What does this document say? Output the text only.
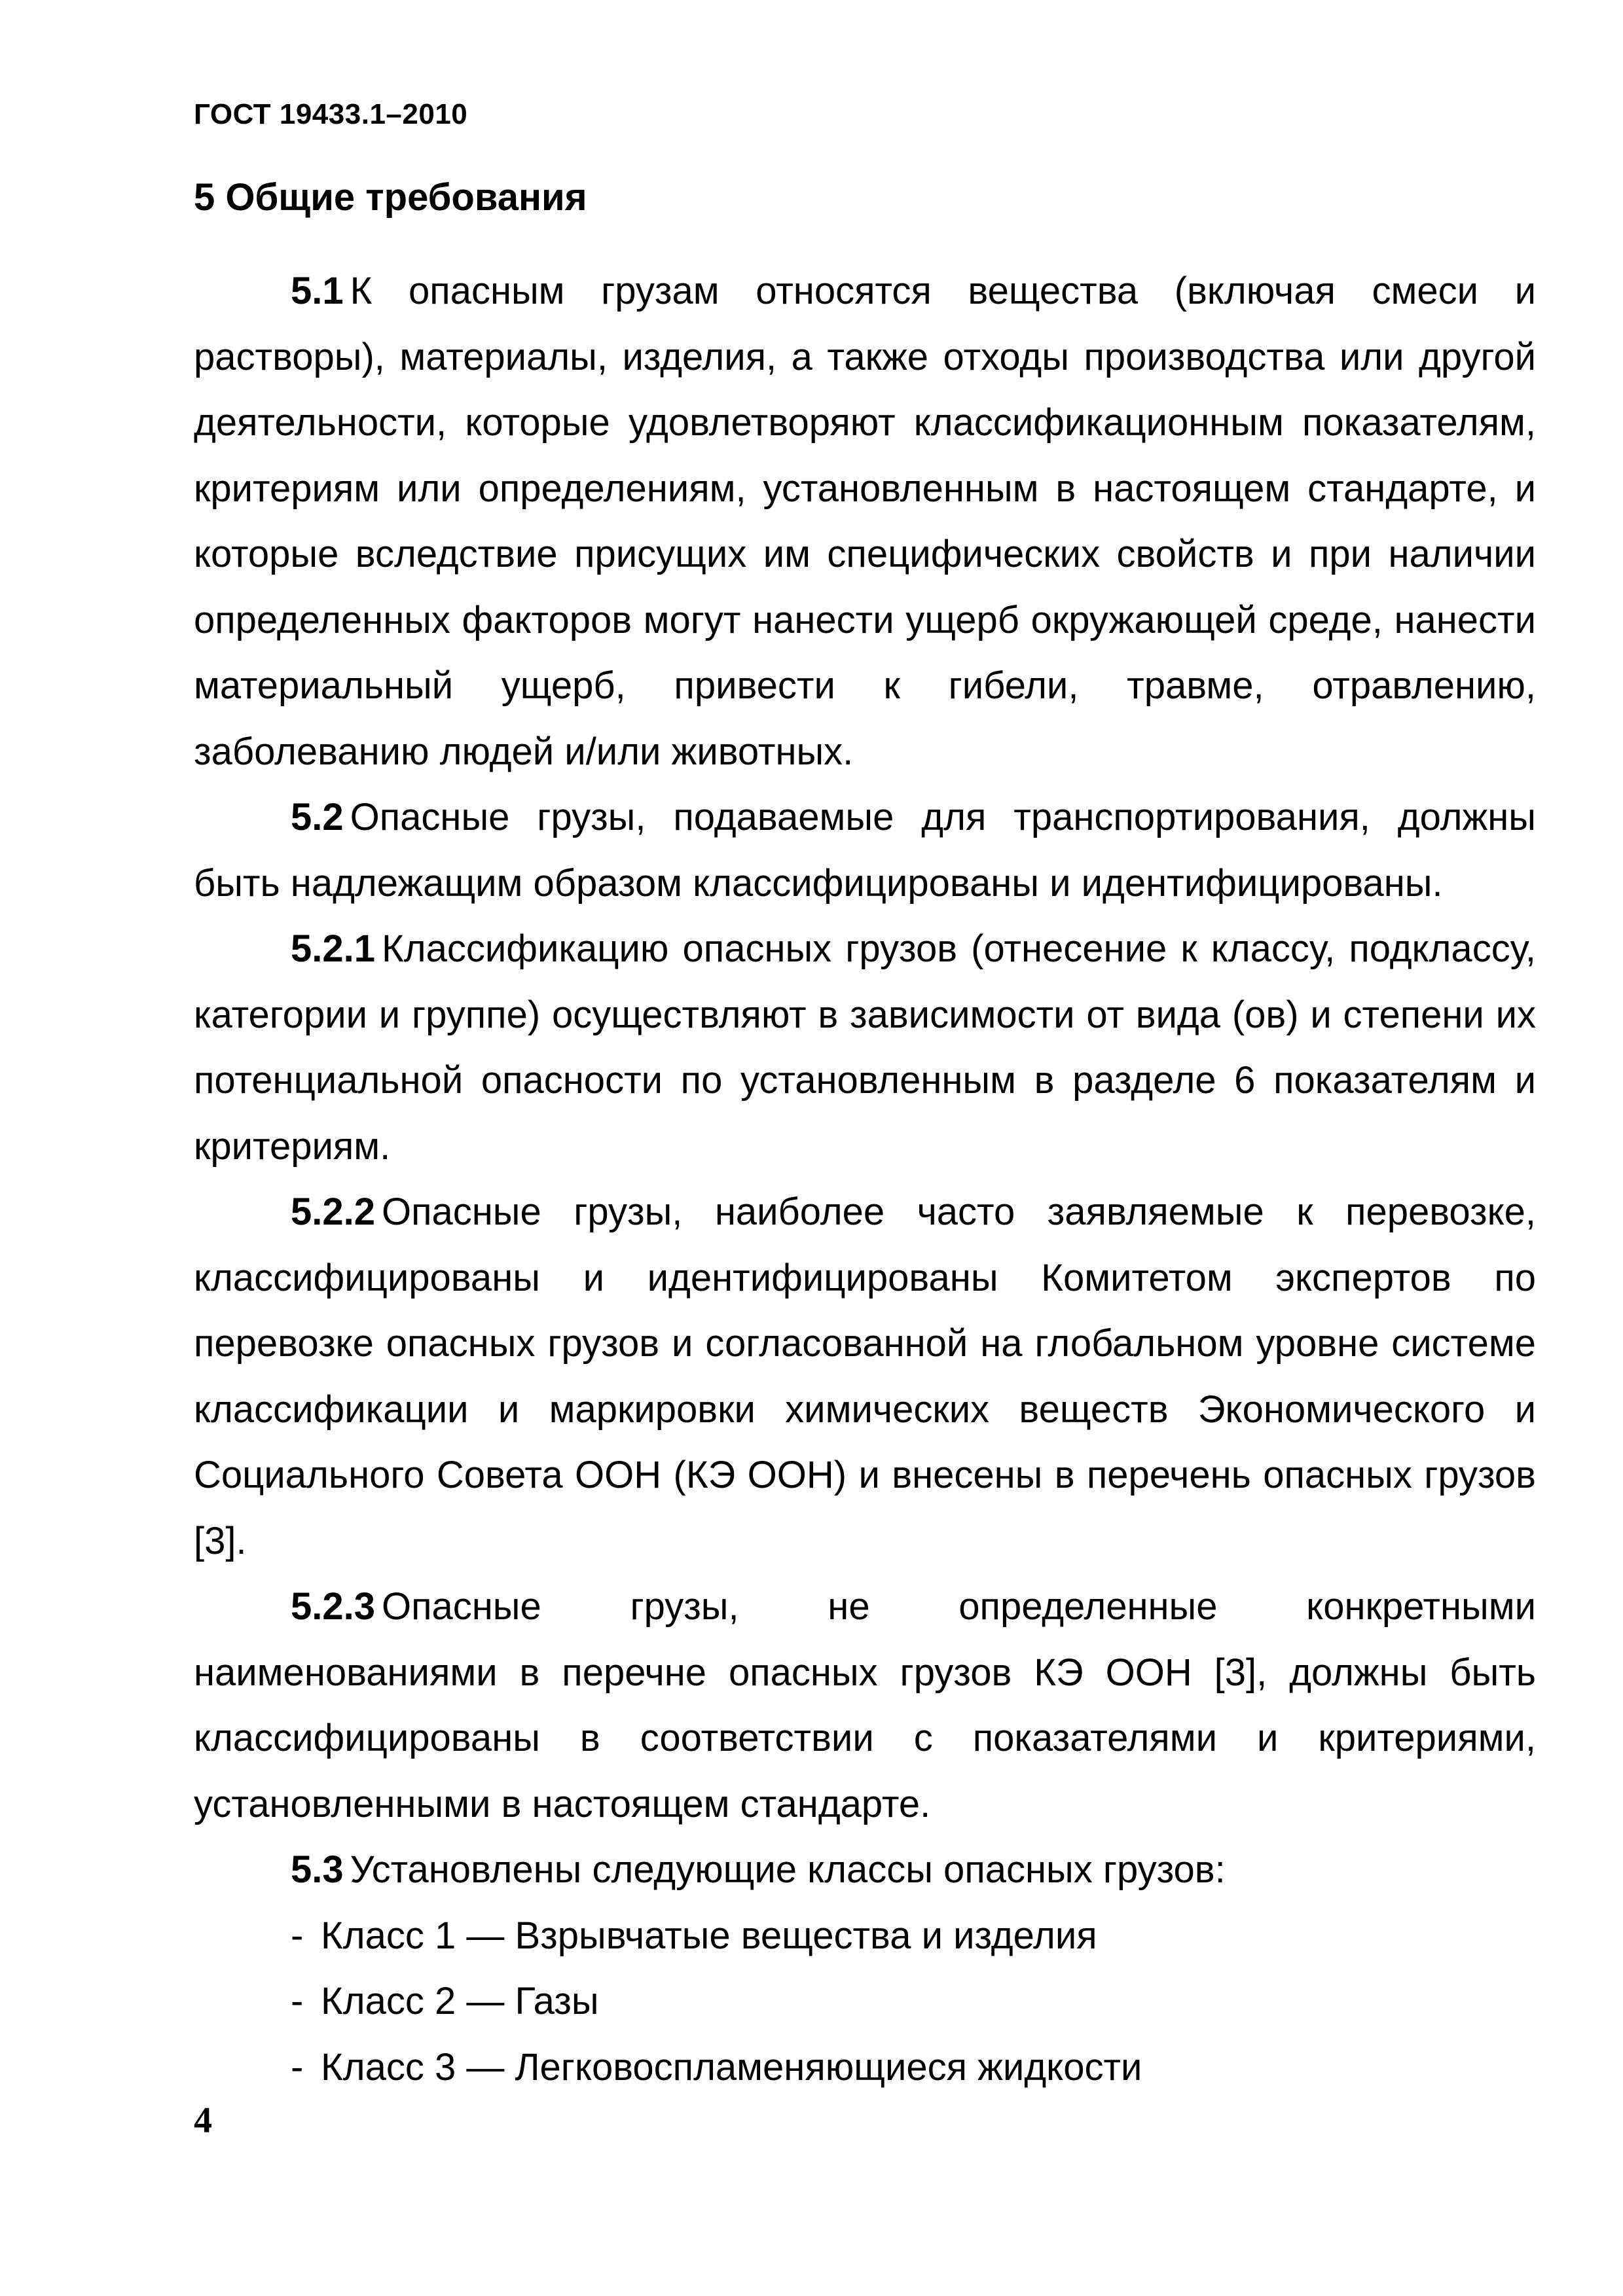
ГОСТ 19433.1–2010
5 Общие требования

5.1 К опасным грузам относятся вещества (включая смеси и растворы), материалы, изделия, а также отходы производства или другой деятельности, которые удовлетворяют классификационным показателям, критериям или определениям, установленным в настоящем стандарте, и которые вследствие присущих им специфических свойств и при наличии определенных факторов могут нанести ущерб окружающей среде, нанести материальный ущерб, привести к гибели, травме, отравлению, заболеванию людей и/или животных.

5.2 Опасные грузы, подаваемые для транспортирования, должны быть надлежащим образом классифицированы и идентифицированы.

5.2.1 Классификацию опасных грузов (отнесение к классу, подклассу, категории и группе) осуществляют в зависимости от вида (ов) и степени их потенциальной опасности по установленным в разделе 6 показателям и критериям.

5.2.2 Опасные грузы, наиболее часто заявляемые к перевозке, классифицированы и идентифицированы Комитетом экспертов по перевозке опасных грузов и согласованной на глобальном уровне системе классификации и маркировки химических веществ Экономического и Социального Совета ООН (КЭ ООН) и внесены в перечень опасных грузов [3].

5.2.3 Опасные грузы, не определенные конкретными наименованиями в перечне опасных грузов КЭ ООН [3], должны быть классифицированы в соответствии с показателями и критериями, установленными в настоящем стандарте.

5.3 Установлены следующие классы опасных грузов:

- Класс 1 — Взрывчатые вещества и изделия
- Класс 2 — Газы
- Класс 3 — Легковоспламеняющиеся жидкости
4
